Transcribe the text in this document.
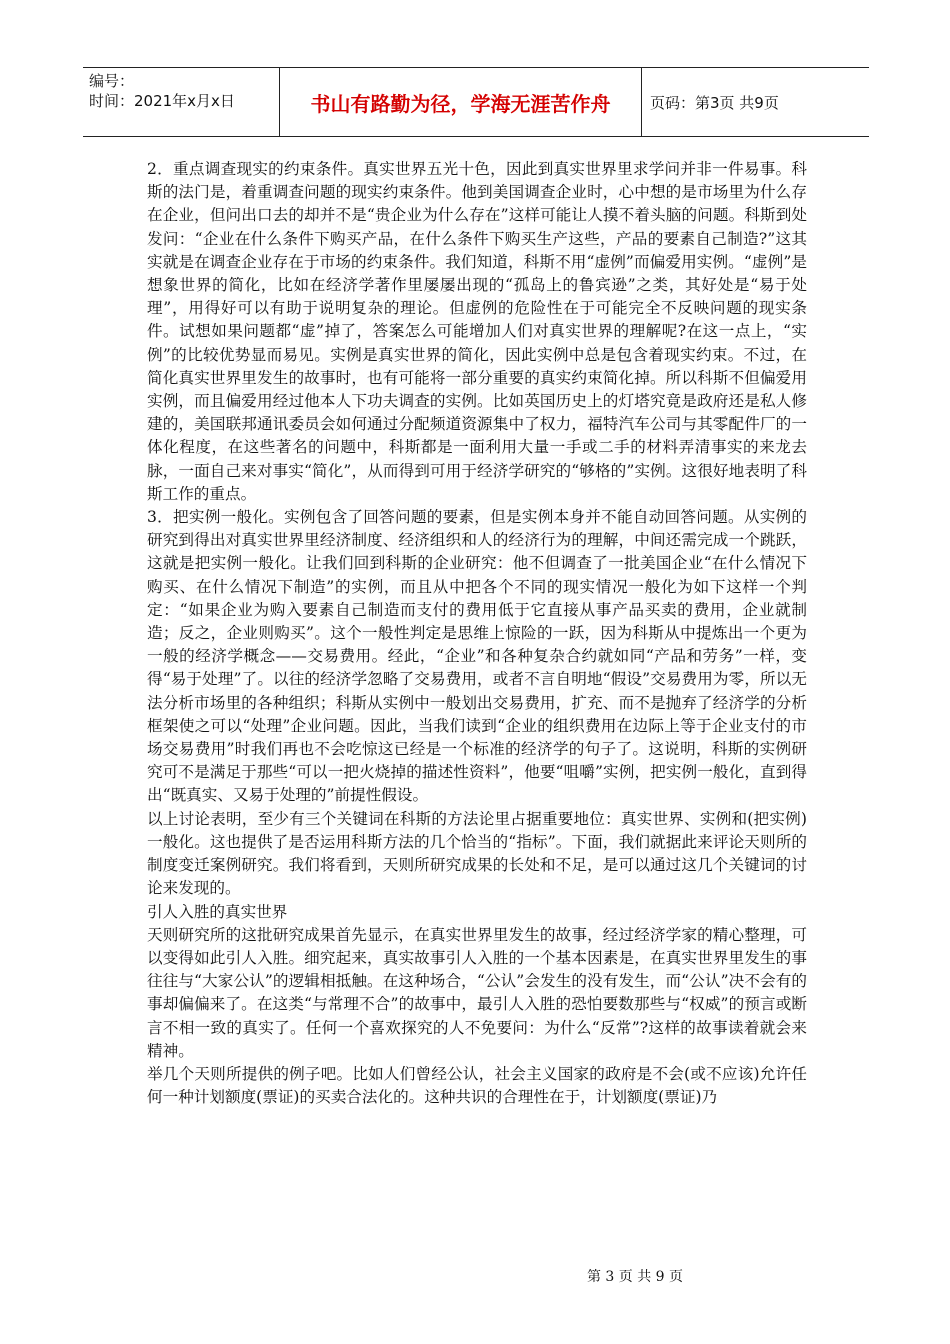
编号：
时间：2021年x月x日	书山有路勤为径，学海无涯苦作舟	页码：第3页 共9页

2．重点调查现实的约束条件。真实世界五光十色，因此到真实世界里求学问并非一件易事。科斯的法门是，着重调查问题的现实约束条件。他到美国调查企业时，心中想的是市场里为什么存在企业，但问出口去的却并不是“贵企业为什么存在”这样可能让人摸不着头脑的问题。科斯到处发问：“企业在什么条件下购买产品，在什么条件下购买生产这些，产品的要素自己制造?”这其实就是在调查企业存在于市场的约束条件。我们知道，科斯不用“虚例”而偏爱用实例。“虚例”是想象世界的简化，比如在经济学著作里屡屡出现的“孤岛上的鲁宾逊”之类，其好处是“易于处理”，用得好可以有助于说明复杂的理论。但虚例的危险性在于可能完全不反映问题的现实条件。试想如果问题都“虚”掉了，答案怎么可能增加人们对真实世界的理解呢?在这一点上，“实例”的比较优势显而易见。实例是真实世界的简化，因此实例中总是包含着现实约束。不过，在简化真实世界里发生的故事时，也有可能将一部分重要的真实约束简化掉。所以科斯不但偏爱用实例，而且偏爱用经过他本人下功夫调查的实例。比如英国历史上的灯塔究竟是政府还是私人修建的，美国联邦通讯委员会如何通过分配频道资源集中了权力，福特汽车公司与其零配件厂的一体化程度，在这些著名的问题中，科斯都是一面利用大量一手或二手的材料弄清事实的来龙去脉，一面自己来对事实“简化”，从而得到可用于经济学研究的“够格的”实例。这很好地表明了科斯工作的重点。

3．把实例一般化。实例包含了回答问题的要素，但是实例本身并不能自动回答问题。从实例的研究到得出对真实世界里经济制度、经济组织和人的经济行为的理解，中间还需完成一个跳跃，这就是把实例一般化。让我们回到科斯的企业研究：他不但调查了一批美国企业“在什么情况下购买、在什么情况下制造”的实例，而且从中把各个不同的现实情况一般化为如下这样一个判定：“如果企业为购入要素自己制造而支付的费用低于它直接从事产品买卖的费用，企业就制造；反之，企业则购买”。这个一般性判定是思维上惊险的一跃，因为科斯从中提炼出一个更为一般的经济学概念——交易费用。经此，“企业”和各种复杂合约就如同“产品和劳务”一样，变得“易于处理”了。以往的经济学忽略了交易费用，或者不言自明地“假设”交易费用为零，所以无法分析市场里的各种组织；科斯从实例中一般划出交易费用，扩充、而不是抛弃了经济学的分析框架使之可以“处理”企业问题。因此，当我们读到“企业的组织费用在边际上等于企业支付的市场交易费用”时我们再也不会吃惊这已经是一个标准的经济学的句子了。这说明，科斯的实例研究可不是满足于那些“可以一把火烧掉的描述性资料”，他要“咀嚼”实例，把实例一般化，直到得出“既真实、又易于处理的”前提性假设。

以上讨论表明，至少有三个关键词在科斯的方法论里占据重要地位：真实世界、实例和(把实例)一般化。这也提供了是否运用科斯方法的几个恰当的“指标”。下面，我们就据此来评论天则所的制度变迁案例研究。我们将看到，天则所研究成果的长处和不足，是可以通过这几个关键词的讨论来发现的。

引人入胜的真实世界

天则研究所的这批研究成果首先显示，在真实世界里发生的故事，经过经济学家的精心整理，可以变得如此引人入胜。细究起来，真实故事引人入胜的一个基本因素是，在真实世界里发生的事往往与“大家公认”的逻辑相抵触。在这种场合，“公认”会发生的没有发生，而“公认”决不会有的事却偏偏来了。在这类“与常理不合”的故事中，最引人入胜的恐怕要数那些与“权威”的预言或断言不相一致的真实了。任何一个喜欢探究的人不免要问：为什么“反常”?这样的故事读着就会来精神。

举几个天则所提供的例子吧。比如人们曾经公认，社会主义国家的政府是不会(或不应该)允许任何一种计划额度(票证)的买卖合法化的。这种共识的合理性在于，计划额度(票证)乃

第 3 页 共 9 页
